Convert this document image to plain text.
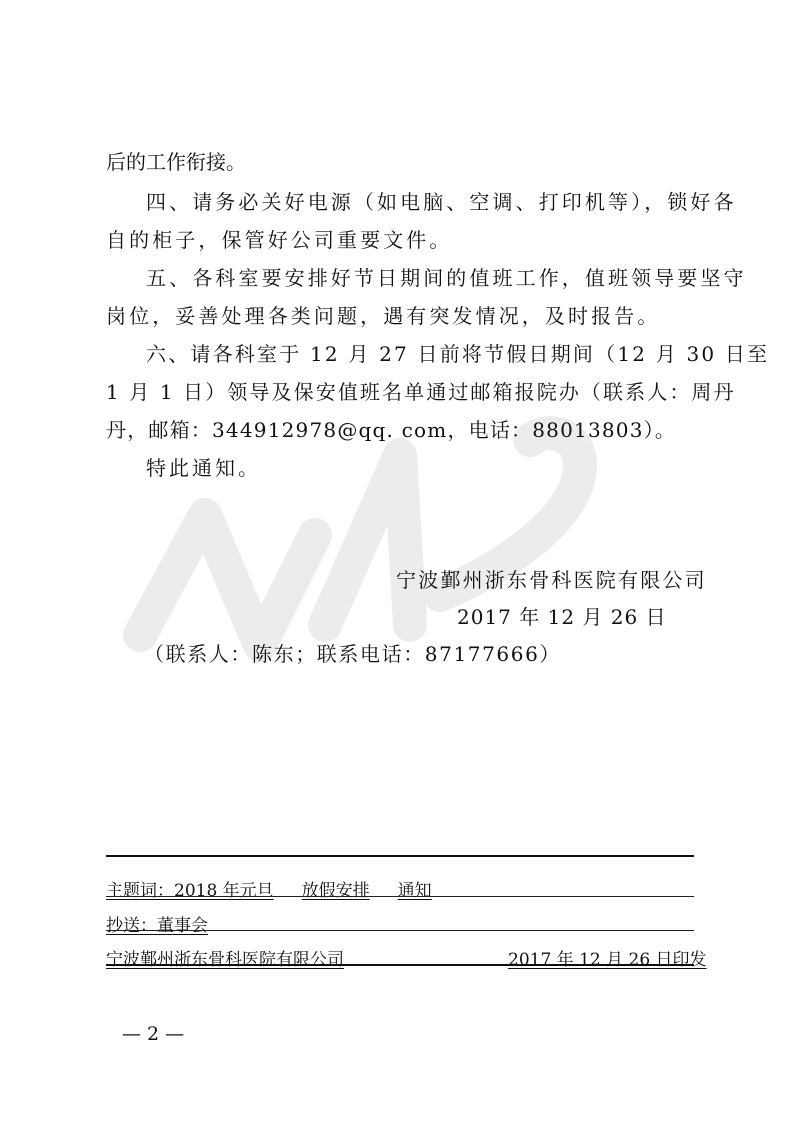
后的工作衔接。
四、请务必关好电源（如电脑、空调、打印机等），锁好各
自的柜子，保管好公司重要文件。
五、各科室要安排好节日期间的值班工作，值班领导要坚守
岗位，妥善处理各类问题，遇有突发情况，及时报告。
六、请各科室于 12 月 27 日前将节假日期间（12 月 30 日至
1 月 1 日）领导及保安值班名单通过邮箱报院办（联系人：周丹
丹，邮箱：344912978@qq. com，电话：88013803）。
特此通知。
宁波鄞州浙东骨科医院有限公司
2017 年 12 月 26 日
（联系人：陈东；联系电话：87177666）
主题词：2018 年元旦 放假安排 通知
抄送：董事会
宁波鄞州浙东骨科医院有限公司	2017 年 12 月 26 日印发
— 2 —
